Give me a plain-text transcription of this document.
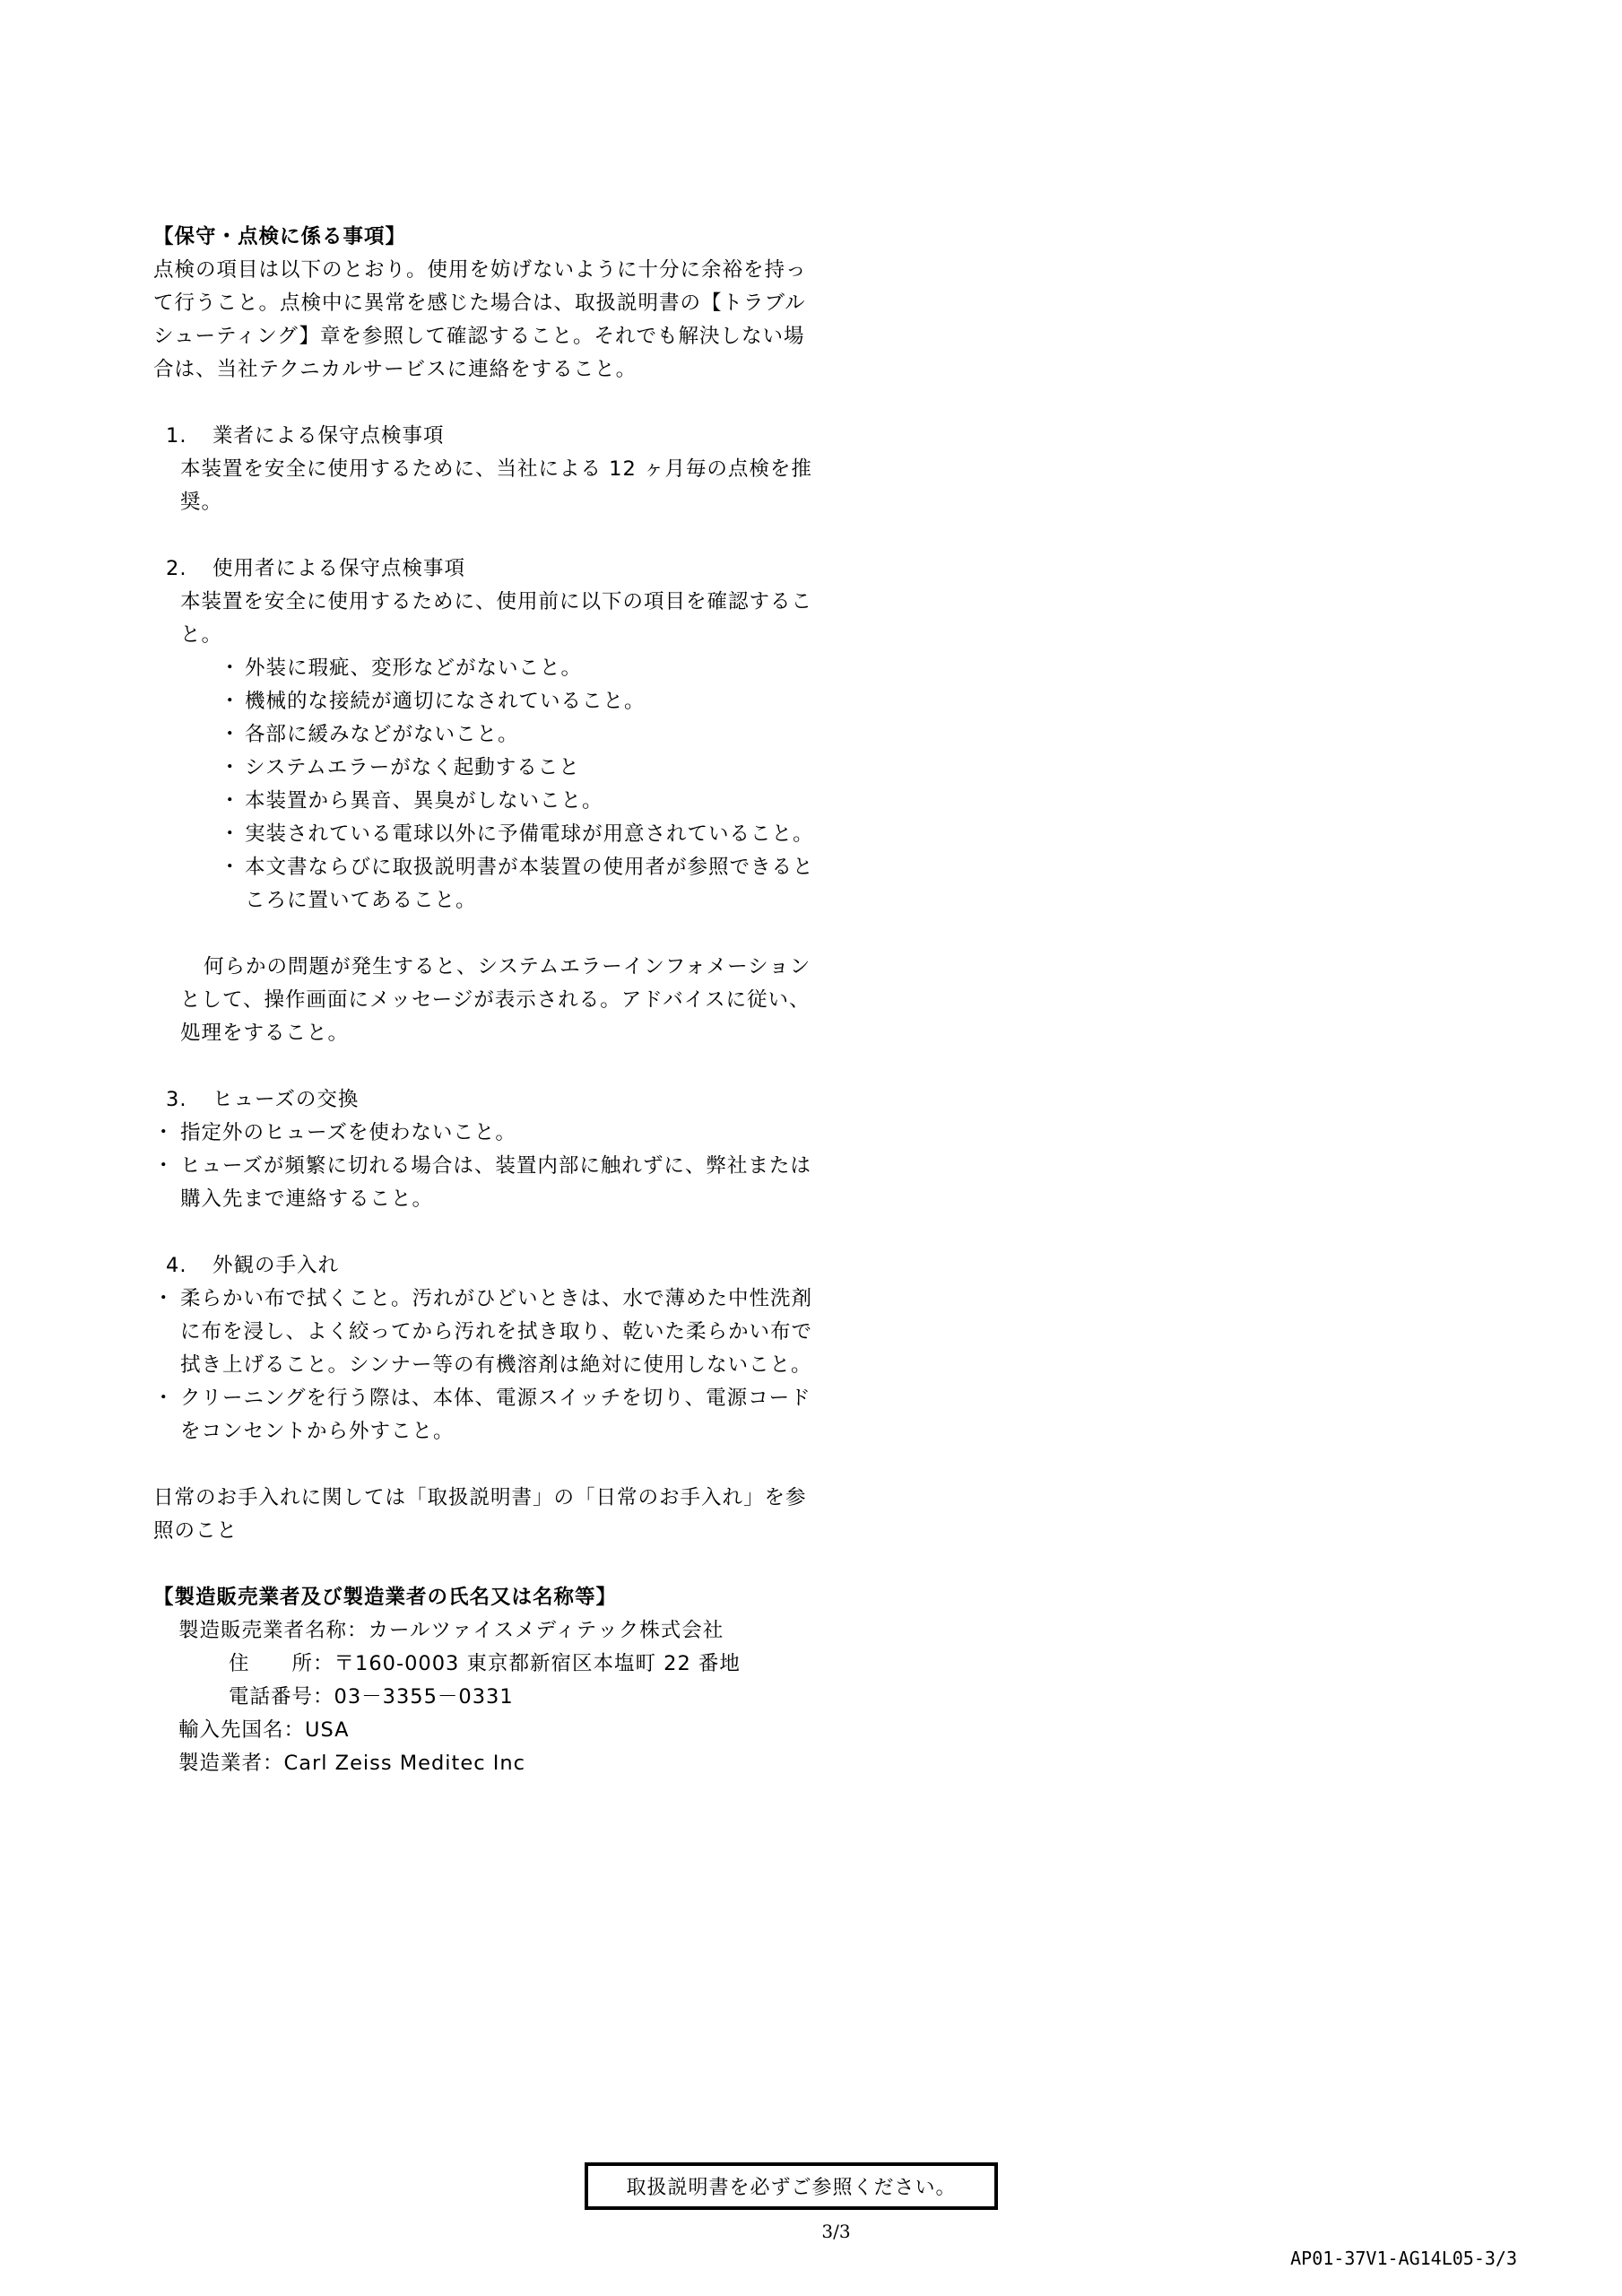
【保守・点検に係る事項】

点検の項目は以下のとおり。使用を妨げないように十分に余裕を持って行うこと。点検中に異常を感じた場合は、取扱説明書の【トラブルシューティング】章を参照して確認すること。それでも解決しない場合は、当社テクニカルサービスに連絡をすること。

1. 業者による保守点検事項

本装置を安全に使用するために、当社による 12 ヶ月毎の点検を推奨。

2. 使用者による保守点検事項

本装置を安全に使用するために、使用前に以下の項目を確認すること。

・ 外装に瑕疵、変形などがないこと。
・ 機械的な接続が適切になされていること。
・ 各部に緩みなどがないこと。
・ システムエラーがなく起動すること
・ 本装置から異音、異臭がしないこと。
・ 実装されている電球以外に予備電球が用意されていること。
・ 本文書ならびに取扱説明書が本装置の使用者が参照できるところに置いてあること。

何らかの問題が発生すると、システムエラーインフォメーションとして、操作画面にメッセージが表示される。アドバイスに従い、処理をすること。

3. ヒューズの交換

・ 指定外のヒューズを使わないこと。
・ ヒューズが頻繁に切れる場合は、装置内部に触れずに、弊社または購入先まで連絡すること。

4. 外観の手入れ

・ 柔らかい布で拭くこと。汚れがひどいときは、水で薄めた中性洗剤に布を浸し、よく絞ってから汚れを拭き取り、乾いた柔らかい布で拭き上げること。シンナー等の有機溶剤は絶対に使用しないこと。
・ クリーニングを行う際は、本体、電源スイッチを切り、電源コードをコンセントから外すこと。

日常のお手入れに関しては「取扱説明書」の「日常のお手入れ」を参照のこと

【製造販売業者及び製造業者の氏名又は名称等】

製造販売業者名称：カールツァイスメディテック株式会社

住　　所：〒160-0003 東京都新宿区本塩町 22 番地

電話番号：03－3355－0331

輸入先国名：USA

製造業者：Carl Zeiss Meditec Inc

取扱説明書を必ずご参照ください。
3/3
AP01-37V1-AG14L05-3/3
